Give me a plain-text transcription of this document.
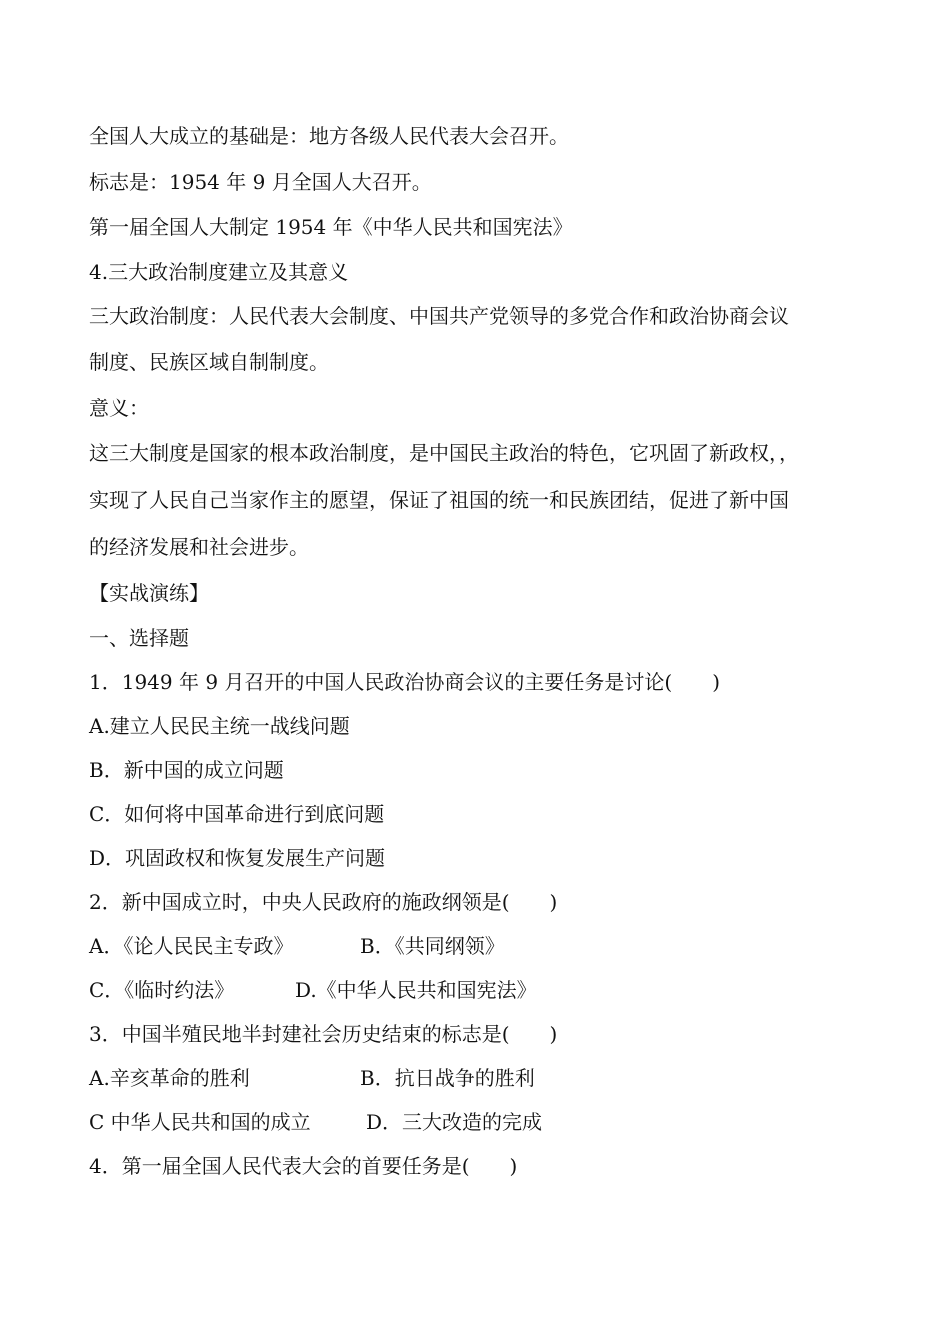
全国人大成立的基础是：地方各级人民代表大会召开。

标志是：1954 年 9 月全国人大召开。

第一届全国人大制定 1954 年《中华人民共和国宪法》

4.三大政治制度建立及其意义

三大政治制度：人民代表大会制度、中国共产党领导的多党合作和政治协商会议

制度、民族区域自制制度。

意义：

这三大制度是国家的根本政治制度，是中国民主政治的特色，它巩固了新政权，，

实现了人民自己当家作主的愿望，保证了祖国的统一和民族团结，促进了新中国

的经济发展和社会进步。

【实战演练】

一、选择题

1．1949 年 9 月召开的中国人民政治协商会议的主要任务是讨论(　　)

A.建立人民民主统一战线问题

B．新中国的成立问题

C．如何将中国革命进行到底问题

D．巩固政权和恢复发展生产问题

2．新中国成立时，中央人民政府的施政纲领是(　　)

A．《论人民民主专政》	B．《共同纲领》

C．《临时约法》	D.《中华人民共和国宪法》

3．中国半殖民地半封建社会历史结束的标志是(　　)

A.辛亥革命的胜利	B．抗日战争的胜利

C 中华人民共和国的成立	D．三大改造的完成

4．第一届全国人民代表大会的首要任务是(　　)
